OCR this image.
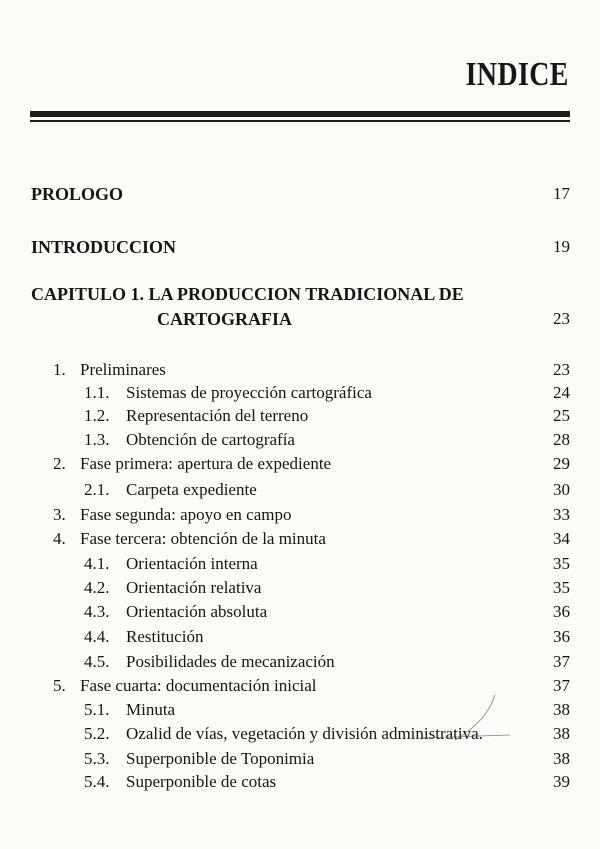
INDICE
PROLOGO	17
INTRODUCCION	19
CAPITULO 1. LA PRODUCCION TRADICIONAL DE
CARTOGRAFIA	23
1. Preliminares	23
1.1. Sistemas de proyección cartográfica	24
1.2. Representación del terreno	25
1.3. Obtención de cartografía	28
2. Fase primera: apertura de expediente	29
2.1. Carpeta expediente	30
3. Fase segunda: apoyo en campo	33
4. Fase tercera: obtención de la minuta	34
4.1. Orientación interna	35
4.2. Orientación relativa	35
4.3. Orientación absoluta	36
4.4. Restitución	36
4.5. Posibilidades de mecanización	37
5. Fase cuarta: documentación inicial	37
5.1. Minuta	38
5.2. Ozalid de vías, vegetación y división administrativa.	38
5.3. Superponible de Toponimia	38
5.4. Superponible de cotas	39
